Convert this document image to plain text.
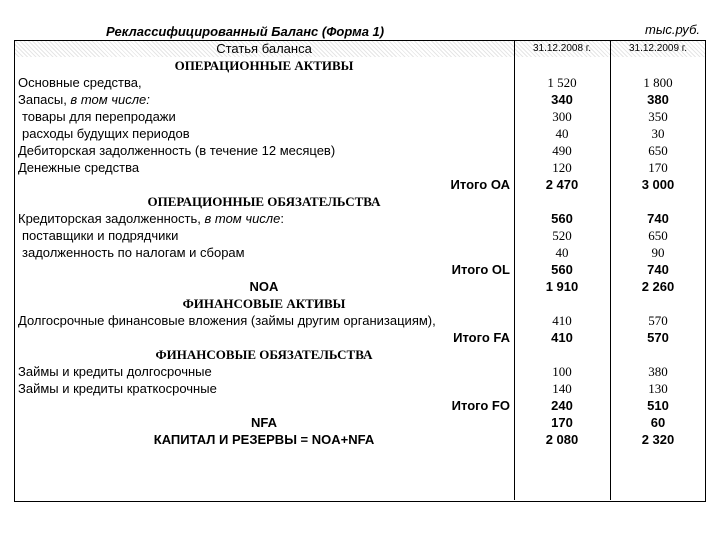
Реклассифицированный Баланс (Форма 1)	тыс.руб.
Статья баланса	31.12.2008 г.	31.12.2009 г.
ОПЕРАЦИОННЫЕ АКТИВЫ		
Основные средства,	1 520	1 800
Запасы, в том числе:	340	380
товары для перепродажи	300	350
расходы будущих периодов	40	30
Дебиторская задолженность (в течение 12 месяцев)	490	650
Денежные средства	120	170
Итого ОА	2 470	3 000
ОПЕРАЦИОННЫЕ ОБЯЗАТЕЛЬСТВА		
Кредиторская задолженность, в том числе:	560	740
поставщики и подрядчики	520	650
задолженность по налогам и сборам	40	90
Итого OL	560	740
NOA	1 910	2 260
ФИНАНСОВЫЕ АКТИВЫ		
Долгосрочные финансовые вложения (займы другим организациям),	410	570
Итого FA	410	570
ФИНАНСОВЫЕ ОБЯЗАТЕЛЬСТВА		
Займы и кредиты долгосрочные	100	380
Займы и кредиты краткосрочные	140	130
Итого FO	240	510
NFA	170	60
КАПИТАЛ И РЕЗЕРВЫ = NOA+NFA	2 080	2 320
